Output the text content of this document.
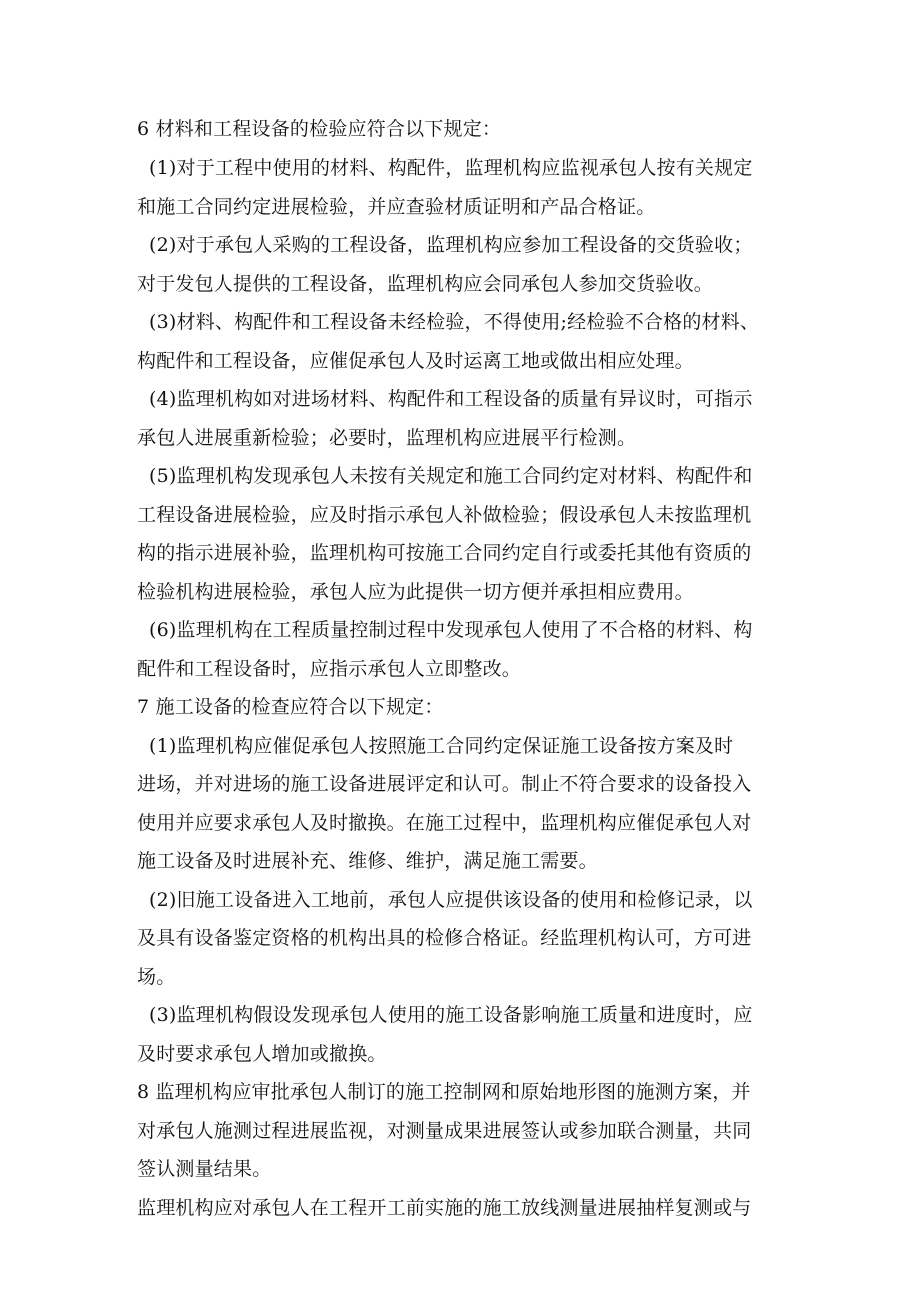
6 材料和工程设备的检验应符合以下规定：
(1)对于工程中使用的材料、构配件，监理机构应监视承包人按有关规定
和施工合同约定进展检验，并应查验材质证明和产品合格证。
(2)对于承包人采购的工程设备，监理机构应参加工程设备的交货验收；
对于发包人提供的工程设备，监理机构应会同承包人参加交货验收。
(3)材料、构配件和工程设备未经检验，不得使用;经检验不合格的材料、
构配件和工程设备，应催促承包人及时运离工地或做出相应处理。
(4)监理机构如对进场材料、构配件和工程设备的质量有异议时，可指示
承包人进展重新检验；必要时，监理机构应进展平行检测。
(5)监理机构发现承包人未按有关规定和施工合同约定对材料、构配件和
工程设备进展检验，应及时指示承包人补做检验；假设承包人未按监理机
构的指示进展补验，监理机构可按施工合同约定自行或委托其他有资质的
检验机构进展检验，承包人应为此提供一切方便并承担相应费用。
(6)监理机构在工程质量控制过程中发现承包人使用了不合格的材料、构
配件和工程设备时，应指示承包人立即整改。
7 施工设备的检查应符合以下规定：
(1)监理机构应催促承包人按照施工合同约定保证施工设备按方案及时
进场，并对进场的施工设备进展评定和认可。制止不符合要求的设备投入
使用并应要求承包人及时撤换。在施工过程中，监理机构应催促承包人对
施工设备及时进展补充、维修、维护，满足施工需要。
(2)旧施工设备进入工地前，承包人应提供该设备的使用和检修记录，以
及具有设备鉴定资格的机构出具的检修合格证。经监理机构认可，方可进
场。
(3)监理机构假设发现承包人使用的施工设备影响施工质量和进度时，应
及时要求承包人增加或撤换。
8 监理机构应审批承包人制订的施工控制网和原始地形图的施测方案，并
对承包人施测过程进展监视，对测量成果进展签认或参加联合测量，共同
签认测量结果。
监理机构应对承包人在工程开工前实施的施工放线测量进展抽样复测或与
